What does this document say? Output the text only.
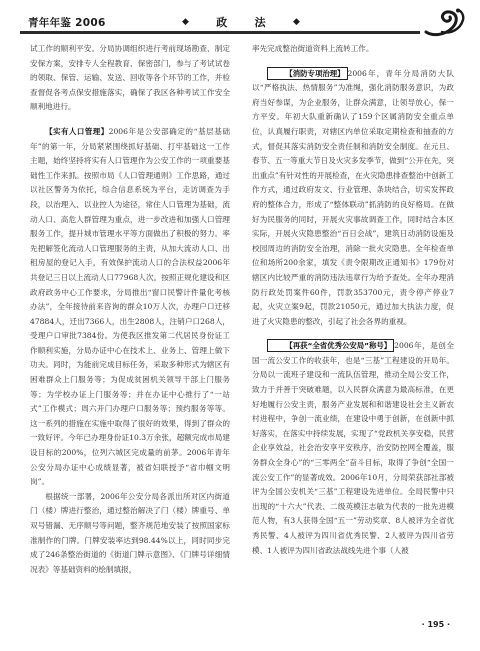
青年年鉴 2006	◆ 政 法	◆

试工作的顺利平安。分局协调组织进行考前现场勘查、制定安保方案，安排专人全程教育、保密部门，参与了考试试卷的领取、保管、运输、发送、回收等各个环节的工作，并检查督促各考点保安措施落实，确保了我区各种考试工作安全顺利地进行。

【实有人口管理】2006年是公安部确定的“基层基础年”的第一年，分局紧紧围绕抓好基础、打牢基础这一工作主题，始终坚持将实有人口管理作为公安工作的一项重要基础性工作来抓。按照市局《人口管理通则》工作思路，通过以社区警务为依托，综合信息系统为平台，走访调查为手段，以治理入、以业控人为途径，常住人口管理为基础，流动人口、高危人群管理为重点，进一步改进和加强人口管理服务工作，提升城市管理水平等方面做出了积极的努力。率先把解签化流动人口管理服务的主责，从加大流动人口、出租房屋的登记入手，有效保护流动人口的合法权益2006年共登记三日以上流动人口77968人次。按照正规化建设和区政府政务中心工作要求，分局推出“窗口民警计件量化考核办法”，全年接待前来咨询的群众10万人次，办理户口迁移47884人，迁出7366人，出生2808人，注销户口268人，受理户口审批7384份。为使我区推发第二代居民身份证工作顺利实施，分局办证中心在技术上、业务上、管理上做下功夫。同时，为能前完成目标任务，采取多种形式为辖区有困难群众上门服务等；为促成贫困机关领导干部上门服务等；为学校办证上门服务等；并在办证中心推行了“一站式”工作模式；周六开门办理户口服务等；预约服务等等。这一系列的措施在实施中取得了很好的效果，得到了群众的一致好评。今年已办理身份证10.3万余张，超额完成市局建设目标的200%，位列六城区完成量的前茅。2006年青年公安分局办证中心成绩显著，被省妇联授予“省巾帼文明岗”。

根据统一部署，2006年公安分局各派出所对区内街道门（楼）牌进行整治，通过整治解决了门（楼）牌重号、单双号错漏、无序顺号等问题，整齐规范地安装了按照国家标准制作的门牌。门牌安装率达到98.44%以上，同时同步完成了246条整治街道的《街道门牌示意图》、《门牌号详细情况表》等基础资料的绘制填报，

率先完成整治街道资料上流转工作。

【消防专项治理】 2006年，青年分局消防大队以“严格执法、热情服务”为准绳，强化消防服务意识，为政府当好参谋，为企业服务，让群众满意，让领导放心，保一方平安。年初大队重新确认了159个区属消防安全重点单位，认真履行职责，对辖区内单位采取定期检查和抽查的方式，督促其落实消防安全责任制和消防安全制度。在元旦、春节、五一等重大节日及火灾多发季节，做到“公开在先，突出重点”有针对性的开展检查，在火灾隐患排查整治中创新工作方式，通过政府发文、行业管理、条块结合，切实发挥政府的整体合力，形成了“整体联动”抓消防的良好格局。在做好为民服务的同时，开展火灾事故调查工作，同时结合本区实际，开展火灾隐患整治“百日会战”，建筑日动消防设施及校园周边的消防安全治理，消除一批火灾隐患。全年检查单位和场所200余家，填发《责令限期改正通知书》179份对辖区内比较严重的消防违法违章行为给予查处。全年办理消防行政处罚案件60件，罚款353700元，责令停产停业7起，火灾立案9起，罚款21050元，通过加大执法力度，促进了火灾隐患的整改，引起了社会各界的重视。

【再获“全省优秀公安局”称号】 2006年，是创全国一流公安工作的收获年，也是“三基”工程建设的开局年。分局以一流班子建设和一流队伍管理，推动全局公安工作，致力于并善于突破难题，以入民群众满意为最高标准，在更好地履行公安主责，服务产业发展和和谐建设社会主义新农村进程中，争创一流业绩，在建设中勇于创新，在创新中抓好落实，在落实中持续发展，实现了“党政机关享安稳，民营企业享效益，社会治安享平安秩序，治安防控网全覆盖，服务群众全身心”的“三零两全”奋斗目标，取得了争创“全国一流公安工作”的显著成效。2006年10月，分局荣获部社部被评为全国公安机关“三基”工程建设先进单位。全局民警中只出现的“十六大”代表、二级英模汪志敏为代表的一批先进模范人物，有3人获得全国“五一”劳动奖章、8人被评为全省优秀民警、4人被评为四川省优秀民警、2人被评为四川省劳模、1人被评为四川省政法战线先进个事（人被

· 195 ·
